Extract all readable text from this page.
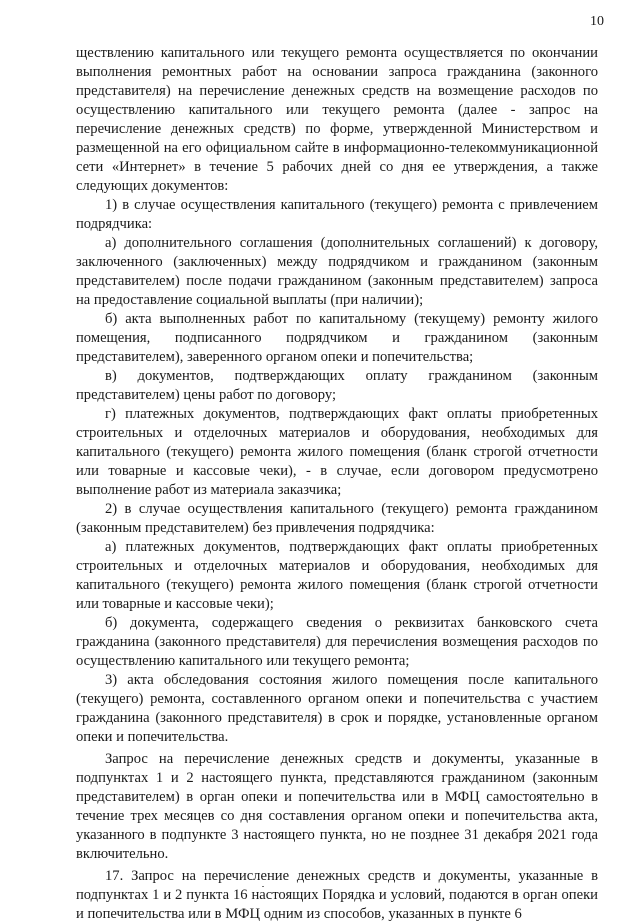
10

ществлению капитального или текущего ремонта осуществляется по окончании выполнения ремонтных работ на основании запроса гражданина (законного представителя) на перечисление денежных средств на возмещение расходов по осуществлению капитального или текущего ремонта (далее - запрос на перечисление денежных средств) по форме, утвержденной Министерством и размещенной на его официальном сайте в информационно-телекоммуникационной сети «Интернет» в течение 5 рабочих дней со дня ее утверждения, а также следующих документов:

1) в случае осуществления капитального (текущего) ремонта с привлечением подрядчика:

а) дополнительного соглашения (дополнительных соглашений) к договору, заключенного (заключенных) между подрядчиком и гражданином (законным представителем) после подачи гражданином (законным представителем) запроса на предоставление социальной выплаты (при наличии);

б) акта выполненных работ по капитальному (текущему) ремонту жилого помещения, подписанного подрядчиком и гражданином (законным представителем), заверенного органом опеки и попечительства;

в) документов, подтверждающих оплату гражданином (законным представителем) цены работ по договору;

г) платежных документов, подтверждающих факт оплаты приобретенных строительных и отделочных материалов и оборудования, необходимых для капитального (текущего) ремонта жилого помещения (бланк строгой отчетности или товарные и кассовые чеки), - в случае, если договором предусмотрено выполнение работ из материала заказчика;

2) в случае осуществления капитального (текущего) ремонта гражданином (законным представителем) без привлечения подрядчика:

а) платежных документов, подтверждающих факт оплаты приобретенных строительных и отделочных материалов и оборудования, необходимых для капитального (текущего) ремонта жилого помещения (бланк строгой отчетности или товарные и кассовые чеки);

б) документа, содержащего сведения о реквизитах банковского счета гражданина (законного представителя) для перечисления возмещения расходов по осуществлению капитального или текущего ремонта;

3) акта обследования состояния жилого помещения после капитального (текущего) ремонта, составленного органом опеки и попечительства с участием гражданина (законного представителя) в срок и порядке, установленные органом опеки и попечительства.

Запрос на перечисление денежных средств и документы, указанные в подпунктах 1 и 2 настоящего пункта, представляются гражданином (законным представителем) в орган опеки и попечительства или в МФЦ самостоятельно в течение трех месяцев со дня составления органом опеки и попечительства акта, указанного в подпункте 3 настоящего пункта, но не позднее 31 декабря 2021 года включительно.

17. Запрос на перечисление денежных средств и документы, указанные в подпунктах 1 и 2 пункта 16 настоящих Порядка и условий, подаются в орган опеки и попечительства или в МФЦ одним из способов, указанных в пункте 6
